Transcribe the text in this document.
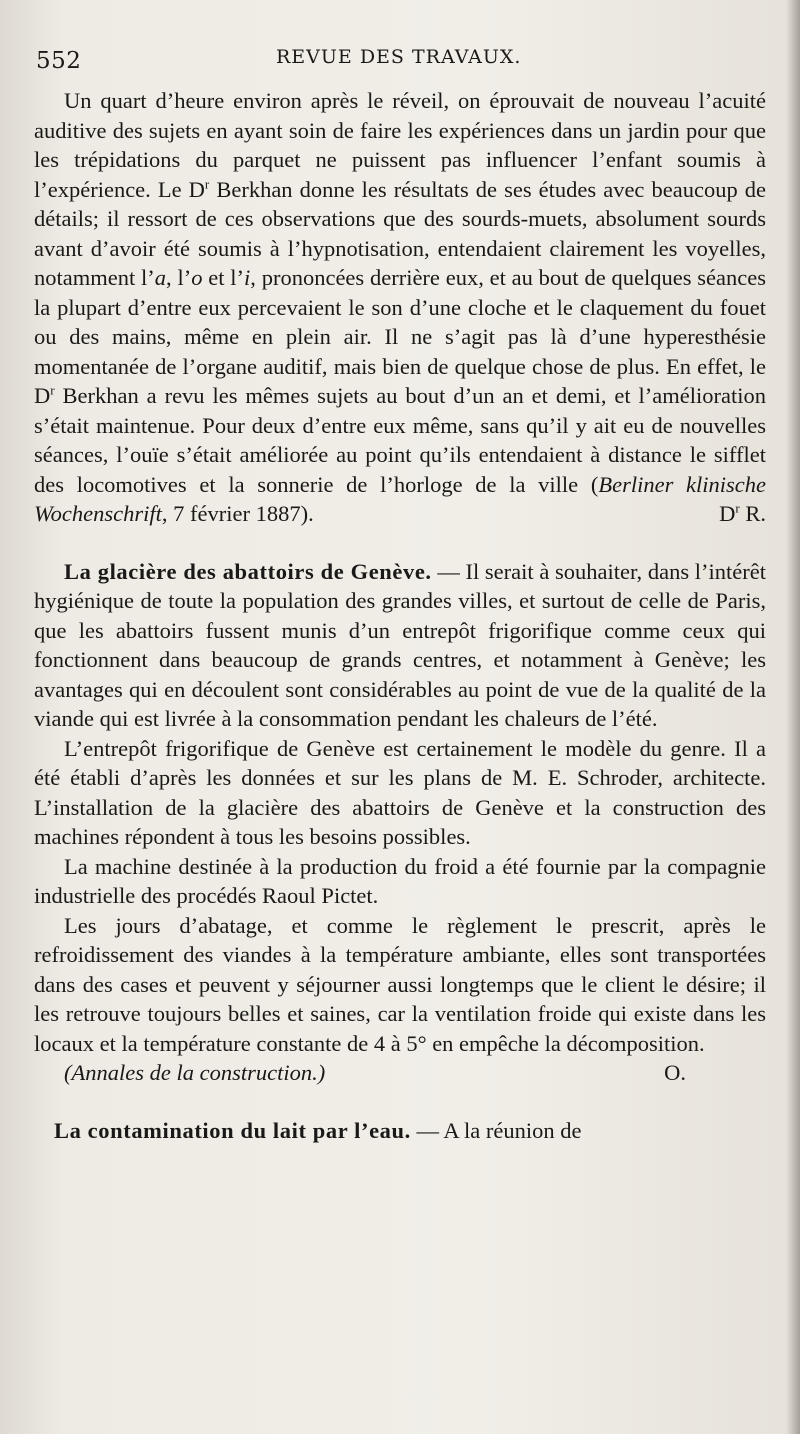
552	REVUE DES TRAVAUX.

Un quart d’heure environ après le réveil, on éprouvait de nouveau l’acuité auditive des sujets en ayant soin de faire les expériences dans un jardin pour que les trépidations du parquet ne puissent pas influencer l’enfant soumis à l’expérience. Le $D^r$ Berkhan donne les résultats de ses études avec beaucoup de détails; il ressort de ces observations que des sourds-muets, absolument sourds avant d’avoir été soumis à l’hypnotisation, entendaient clairement les voyelles, notamment l’a, l’o et l’i, prononcées derrière eux, et au bout de quelques séances la plupart d’entre eux percevaient le son d’une cloche et le claquement du fouet ou des mains, même en plein air. Il ne s’agit pas là d’une hyperesthésie momentanée de l’organe auditif, mais bien de quelque chose de plus. En effet, le $D^r$ Berkhan a revu les mêmes sujets au bout d’un an et demi, et l’amélioration s’était maintenue. Pour deux d’entre eux même, sans qu’il y ait eu de nouvelles séances, l’ouïe s’était améliorée au point qu’ils entendaient à distance le sifflet des locomotives et la sonnerie de l’horloge de la ville (Berliner klinische Wochenschrift, 7 février 1887).	$D^r$ R.

La glacière des abattoirs de Genève. — Il serait à souhaiter, dans l’intérêt hygiénique de toute la population des grandes villes, et surtout de celle de Paris, que les abattoirs fussent munis d’un entrepôt frigorifique comme ceux qui fonctionnent dans beaucoup de grands centres, et notamment à Genève; les avantages qui en découlent sont considérables au point de vue de la qualité de la viande qui est livrée à la consommation pendant les chaleurs de l’été.

L’entrepôt frigorifique de Genève est certainement le modèle du genre. Il a été établi d’après les données et sur les plans de M. E. Schroder, architecte. L’installation de la glacière des abattoirs de Genève et la construction des machines répondent à tous les besoins possibles.

La machine destinée à la production du froid a été fournie par la compagnie industrielle des procédés Raoul Pictet.

Les jours d’abatage, et comme le règlement le prescrit, après le refroidissement des viandes à la température ambiante, elles sont transportées dans des cases et peuvent y séjourner aussi longtemps que le client le désire; il les retrouve toujours belles et saines, car la ventilation froide qui existe dans les locaux et la température constante de 4 à 5° en empêche la décomposition.

(Annales de la construction.)	O.

La contamination du lait par l’eau. — A la réunion de
